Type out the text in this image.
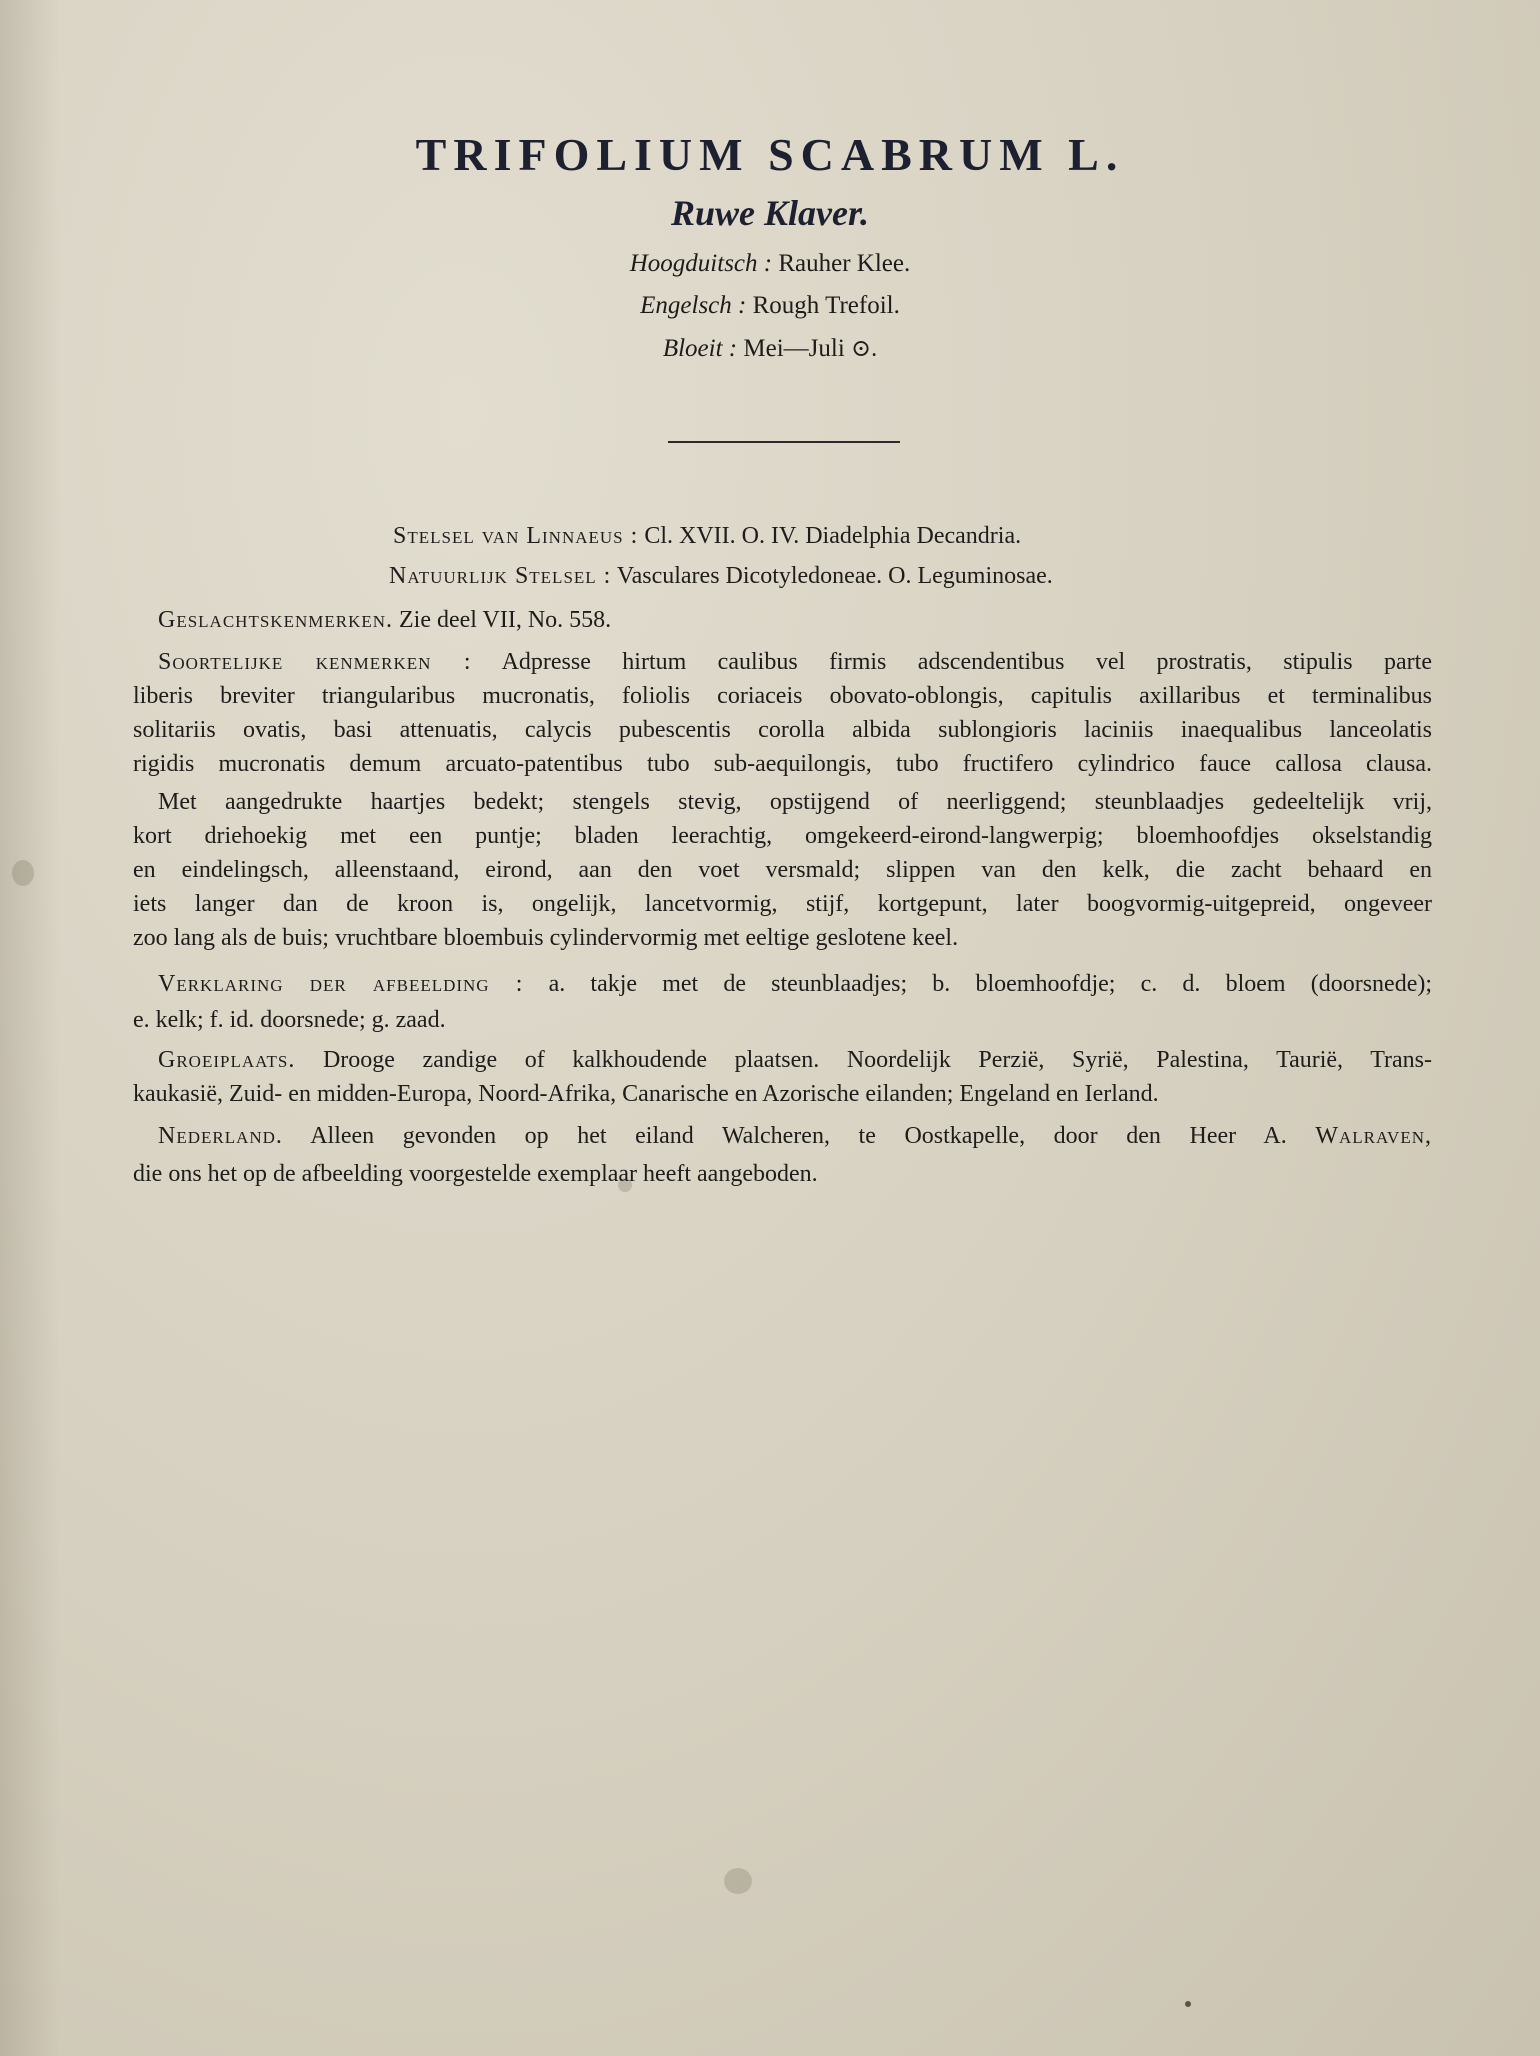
TRIFOLIUM SCABRUM L.
Ruwe Klaver.
Hoogduitsch : Rauher Klee.
Engelsch : Rough Trefoil.
Bloeit : Mei—Juli ⊙.
Stelsel van Linnaeus : Cl. XVII. O. IV. Diadelphia Decandria.
Natuurlijk Stelsel : Vasculares Dicotyledoneae. O. Leguminosae.
Geslachtskenmerken. Zie deel VII, No. 558.
Soortelijke kenmerken : Adpresse hirtum caulibus firmis adscendentibus vel prostratis, stipulis parte
liberis breviter triangularibus mucronatis, foliolis coriaceis obovato-oblongis, capitulis axillaribus et terminalibus
solitariis ovatis, basi attenuatis, calycis pubescentis corolla albida sublongioris laciniis inaequalibus lanceolatis
rigidis mucronatis demum arcuato-patentibus tubo sub-aequilongis, tubo fructifero cylindrico fauce callosa clausa.
Met aangedrukte haartjes bedekt; stengels stevig, opstijgend of neerliggend; steunblaadjes gedeeltelijk vrij,
kort driehoekig met een puntje; bladen leerachtig, omgekeerd-eirond-langwerpig; bloemhoofdjes okselstandig
en eindelingsch, alleenstaand, eirond, aan den voet versmald; slippen van den kelk, die zacht behaard en
iets langer dan de kroon is, ongelijk, lancetvormig, stijf, kortgepunt, later boogvormig-uitgepreid, ongeveer
zoo lang als de buis; vruchtbare bloembuis cylindervormig met eeltige geslotene keel.
Verklaring der afbeelding : a. takje met de steunblaadjes; b. bloemhoofdje; c. d. bloem (doorsnede);
e. kelk; f. id. doorsnede; g. zaad.
Groeiplaats. Drooge zandige of kalkhoudende plaatsen. Noordelijk Perzië, Syrië, Palestina, Taurië, Trans-
kaukasië, Zuid- en midden-Europa, Noord-Afrika, Canarische en Azorische eilanden; Engeland en Ierland.
Nederland. Alleen gevonden op het eiland Walcheren, te Oostkapelle, door den Heer A. Walraven,
die ons het op de afbeelding voorgestelde exemplaar heeft aangeboden.
